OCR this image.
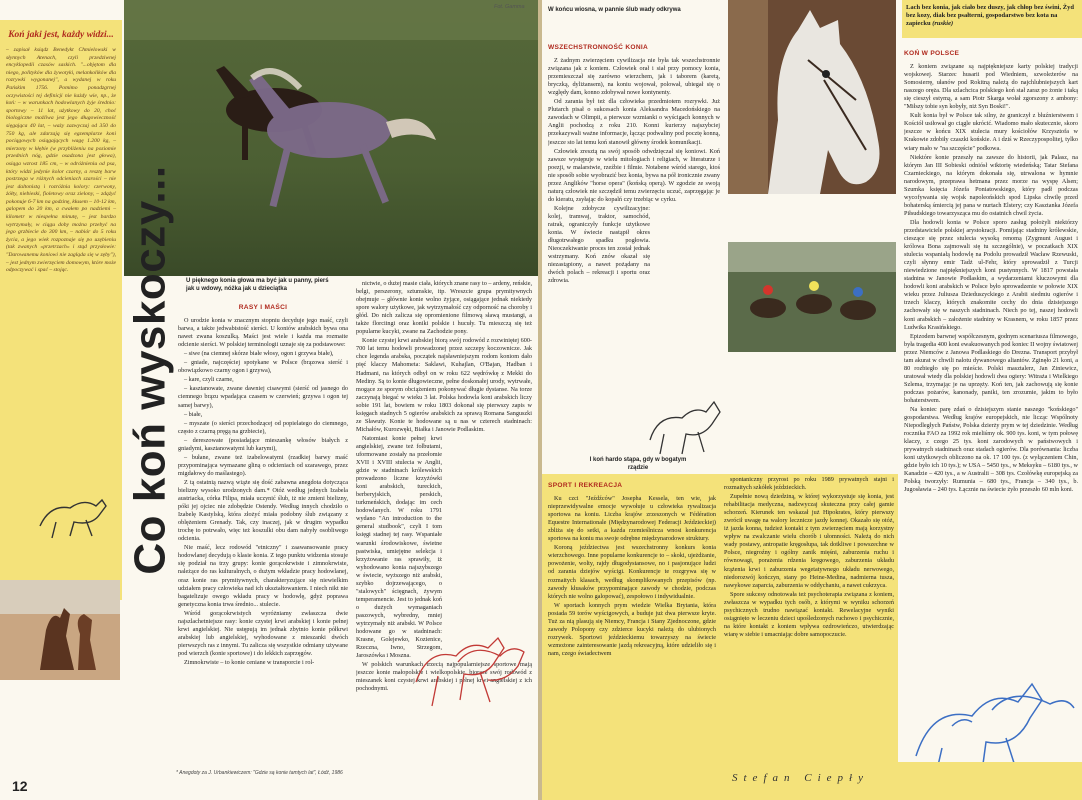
Fot. Gamma
Koń jaki jest, każdy widzi...

– zapisał ksiądz Benedykt Chmielowski w słynnych Atenach, czyli przedziwnej encyklopedii czasów saskich. "...objętom dla niego, polityków dla żywotyki, melankolików dla rozrywki wygonanej", a wydanej w roku Pańskim 1756. Pomimo ponadzgrnej oczywistości tej definicji nie każdy wie, np., że koń: – w warunkach hodowlanych żyje średnio: sportowy – 11 lat, użytkowy do 20, choć biologiczne możliwa jest jego długowieczność sięgająca 40 lat, – waży zazwyczaj od 350 do 750 kg, ale zdarzają się egzemplarze koni pociągowych osiągających wagę 1.200 kg, – mierzony w kłębie (w przybliżeniu na poziomie przednich nóg, gdzie osadzona jest głowa), osiąga wzrost 185 cm, – w odróżnieniu od psa, który widzi jedynie kolor czarny, a resztę barw postrzega w różnych odcieniach szarości – nie jest daltonistą i rozróżnia kolory: czerwony, żółty, niebieski, fioletowy oraz zielony, – zdążyć pokonuje 6-7 km na godzinę, kłusem – 10-12 km, galopem do 20 km, a cwałem po nadziemi – kilometr w niespełna minutę, – jest bardzo wytrzymały, w ciągu doby można przebyć na jego grzbiecie do 300 km, – nabiór do 5 roku życia, a jego wiek rozpoznaje się po uzębieniu (tak zwanych «przetrzach» i stąd przysłowie: "Darowanemu koniowi nie zagląda się w zęby"), – jest jednym zwierzęciem domowym, które może odpoczywać i spać – stojąc.	Co koń wyskoczy... U pięknego konia głowa ma być jak u panny, pierś jak u wdowy, nóżka jak u dzieciątka
RASY I MAŚCI

O urodzie konia w znacznym stopniu decyduje jego maść, czyli barwa, a także jedwabistość sierści. U koniów arabskich bywa ona nawet zwana koszulką. Maści jest wiele i każda ma rozmaite odcienie sierści. W polskiej terminologii uznaje się za podstawowe:

– siwe (na ciemnej skórze białe włosy, ogon i grzywa białe),

– gniade, najczęściej spotykane w Polsce (brązowa sierść i obowiązkowo czarny ogon i grzywa),

– kare, czyli czarne,

– kasztanowate, zwane dawniej cisawymi (sierść od jasnego do ciemnego brązu wpadająca czasem w czerwień; grzywa i ogon tej samej barwy),

– białe,

– myszate (o sierści przechodzącej od popielatego do ciemnego, często z czarną pręgą na grzbiecie),

– dereszowate (posiadające mieszankę włosów białych z gniadymi, kasztanowatymi lub karymi),

– bułane, zwane też izabelowatymi (rzadkiej barwy maść przypominająca wymazane gliną o odcieniach od szarawego, przez migdałowy do maślastego).

Z tą ostatnią nazwą wiąże się dość zabawna anegdota dotycząca bielizny wysoko urodzonych dam.* Otóż według jednych Izabela austriacka, córka Filipa, miała uczynić ślub, iż nie zmieni bielizny, póki jej ojciec nie zdobędzie Ostendy. Według innych chodziło o Izabelę Kastylską, która złożyć miała podobny ślub związany z oblężeniem Grenady. Tak, czy inaczej, jak w drugim wypadku trochę to potrwało, więc też koszulki obu dam nabyły osobliwego odcienia.

Nie maść, lecz rodowód "etniczny" i zaawansowanie pracy hodowlanej decydują o klasie konia. Z tego punktu widzenia stosuje się podział na trzy grupy: konie gorącokrwiste i zimnokrwiste, należące do ras kulturalnych, o dużym wkładzie pracy hodowlanej, oraz konie ras prymitywnych, charakteryzujące się niewielkim udziałem pracy człowieka nad ich ukształtowaniem. I niech nikt nie bagatelizuje owego wkładu pracy w hodowlę, gdyż poprawa genetyczna konia trwa średnio... stulecie.

Wśród gorącokrwistych wyróżniamy zwłaszcza dwie najszlachetniejsze rasy: konie czystej krwi arabskiej i konie pełnej krwi angielskiej. Nie ustępują im jednak zbytnio konie półkrwi arabskiej lub angielskiej, wyhodowane z mieszanki dwóch pierwszych ras z innymi. Tu zalicza się wszystkie odmiany używane pod wierzch (konie sportowe) i do lekkich zaprzęgów.

Zimnokrwiste – to konie ceniane w transporcie i rol-

nictwie, o dużej masie ciała, których znane rasy to – ardeny, reńskie, belgi, perszerony, sztumskie, itp. Wreszcie grupa prymitywnych obejmuje – głównie konie wolno żyjące, osiągające jednak niekiedy spore walory użytkowe, jak wytrzymałość czy odporność na choroby i głód. Do nich zalicza się opromienione filmową sławą mustangi, a także florciingi oraz koniki polskie i hucuły. Tu mieszczą się też popularne kucyki, zwane na Zachodzie pony.

Konie czystej krwi arabskiej biorą swój rodowód z rozwiniętej 600-700 lat temu hodowli prowadzonej przez szczepy koczownicze. Jak chce legenda arabska, początek najsławniejszym rodom koniom dało pięć klaczy Mahometa: Saklawi, Kuhajlan, O'Bajan, Hadban i Hadmani, na których odbył on w roku 622 wędrówkę z Mekki do Mediny. Są to konie długowieczne, pełne doskonałej urody, wytrwałe, mogące ze sporym obciążeniem pokonywać długie dystanse. Na torze zaczynają biegać w wieku 3 lat. Polska hodowla koni arabskich liczy sobie 191 lat, bowiem w roku 1803 dokonał się pierwszy zapis w księgach stadnych 5 ogierów arabskich za sprawą Romana Sanguszki ze Sławuty. Konie te hodowane są u nas w czterech stadninach: Michałów, Kurozwęki, Białka i Janowie Podlaskim.

Natomiast konie pełnej krwi angielskiej, zwane też folbutami, uformowane zostały na przełomie XVII i XVIII stulecia w Anglii, gdzie w stadninach królewskich prowadzono liczne krzyżówki koni arabskich, tureckich, berberyjskich, perskich, turkmeńskich, dodając im cech hodowlanych. W roku 1791 wydano "An introduction to the general studbook", czyli I tom księgi stadnej tej rasy. Wspaniałe warunki środowiskowe, świetne pastwiska, umiejętne selekcja i krzyżowanie ras sprawiły, iż wyhodowano konia najszybszego w świecie, wyższego niż arabski, szybko dojrzewającego, o "stalowych" ścięgnach, żywym temperamencie. Jest to jednak koń o dużych wymaganiach paszowych, wybredny, mniej wytrzymały niż arabski. W Polsce hodowane go w stadninach: Krasne, Golejewko, Kozienice, Rzeczna, Iwno, Strzegom, Jaroszówka i Moszna.

W polskich warunkach trzecią najpopularniejsze sportowe mają jeszcze konie małopolskie i wielkopolskie, biorące swój rodowód z mieszanek koni czystej krwi arabskiej i pełnej krwi angielskiej z ich pochodnymi.

12
* Anegdoty za J. Urbankiewiczem: "Gdzie są konie tamtych lat", Łódź, 1986
W końcu wiosna, w pannie ślub wady odkrywa	Lach bez konia, jak ciało bez duszy, jak chłop bez świni, Żyd bez kozy, diak bez psałterni, gospodarstwo bez kota na zapiecku (ruskie)
WSZECHSTRONNOŚĆ KONIA

Z żadnym zwierzęciem cywilizacja nie była tak wszechstronnie związana jak z koniem. Człowiek orał i siał przy pomocy konia, przemieszczał się zarówno wierzchem, jak i taborem (karetą, bryczką, dyliżansem), na koniu wojował, polował, ubiegał się o względy dam, konno zdobywał nowe kontynenty.

Od zarania był też dla człowieka przedmiotem rozrywki. Już Plutarch pisał o sukcesach konia Aleksandra Macedońskiego na zawodach w Olimpii, a pierwsze wzmianki o wyścigach konnych w Anglii pochodzą z roku 210. Konni kurierzy najszybciej przekazywali ważne informacje, łącząc podwaliny pod pocztę konną, jeszcze sto lat temu koń stanowił główny środek komunikacji.

Człowiek zresztą na swój sposób odwdzięczał się koniowi. Koń zawsze występuje w wielu mitologiach i religiach, w literaturze i poezji, w malarstwie, rzeźbie i filmie. Notabene wśród starego, ktoś nie sposób sobie wyobrazić bez konia, bywa na pół ironicznie zwany przez Anglików "horse opera" (końską operą). W zgodzie ze swoją naturą człowiek nie szczędził temu zwierzęciu uczuć, zaprzęgając je do kieratu, zsyłając do kopalń czy trzebiąc w cyrku.

Kolejne zdobycze cywilizacyjne: kolej, tramwaj, traktor, samochód, ratrak, ograniczyły funkcje użytkowe konia. W świecie nastąpił okres długotrwałego spadku pogłowia. Nieoczekiwanie proces ten został jednak wstrzymany. Koń znów okazał się niezastąpiony, a nawet pożądany na dwóch polach – rekreacji i sportu oraz zdrowia.

I koń hardo stąpa, gdy w bogatym rządzie
SPORT I REKREACJA

Ku czci "Jeźdźców" Josepha Kessela, ten wie, jak nieprzewidywalne emocje wywołuje u człowieka rywalizacja sportowa na koniu. Liczba krajów zrzeszonych w Fédération Equestre Internationale (Międzynarodowej Federacji Jeździeckiej) zbliża się do setki, a każda rzemieślnicza wnosi konkurencja sportowa na koniu ma swoje odrębne międzynarodowe struktury.

Koroną jeździectwa jest wszechstronny konkurs konia wierzchowego. Inne popularne konkurencje to – skoki, ujeżdżanie, powożenie, wolty, rajdy długodystansowe, no i pasjonujące ludzi od zarania dziejów wyścigi. Konkurencje te rozgrywa się w rozmaitych klasach, według skomplikowanych przepisów (np. zawody kłusaków przypominające zawody w chodzie, podczas których nie wolno galopować), zespołowo i indywidualnie.

W sportach konnych prym wiedzie Wielka Brytania, która posiada 59 torów wyścigowych, a buduje już dwa pierwsze kryte. Tuż za nią plasują się Niemcy, Francja i Stany Zjednoczone, gdzie zawody Polopony czy zdzierce kucyki należą do ulubionych rozrywek. Sportowi jeździeckiemu towarzyszy na świecie wzmożone zainteresowanie jazdą rekreacyjną, które udzieliło się i nam, czego świadectwem

spontaniczny przyrost po roku 1989 prywatnych stajni i rozmaitych szkółek jeździeckich.

Zupełnie nową dziedziną, w której wykorzystuje się konia, jest rehabilitacja medyczna, nadzwyczaj skuteczna przy całej gamie schorzeń. Kierunek ten wskazał już Hipokrates, który pierwszy zwrócił uwagę na walory lecznicze jazdy konnej. Okazało się otóż, iż jazda konna, tudzież kontakt z tym zwierzęciem mają korzystny wpływ na zwalczanie wielu chorób i ułomności. Należą do nich wady postawy, antropatie kręgosłupa, tak dotkliwe i powszechne w Polsce, niegroźny i ogólny zanik mięśni, zaburzenia ruchu i równowagi, porażenia rdzenia kręgowego, zaburzenia układu krążenia krwi i zaburzenia wegetatywnego układu nerwowego, niedorozwój kończyn, stany po Heine-Medina, nadmierna tusza, nawykowe zaparcia, zaburzenia w oddychaniu, a nawet cukrzyca.

Spore sukcesy odnotowała też psychoterapia związana z koniem, zwłaszcza w wypadku tych osób, z którymi w wyniku schorzeń psychicznych trudno nawiązać kontakt. Rewelacyjne wyniki osiągnięto w leczeniu dzieci upośledzonych ruchowo i psychicznie, na które kontakt z koniem wpływa ozdrowieńczo, utwierdzając wiarę w siebie i umacniając dobre samopoczucie.

KOŃ W POLSCE

Z koniem związane są najpiękniejsze karty polskiej tradycji wojskowej. Starzec husarii pod Wiedniem, szwoleżerów na Somosierrę, ułanów pod Rokitną należą do najchlubniejszych kart naszego oręża. Dla szlachcica polskiego koń stał zaraz po żonie i taką się cieszył estymą, a sam Piotr Skarga wołał zgorszony z ambony: "Miłszy tobie syn kobyły, niż Syn Boski!".

Kult konia był w Polsce tak silny, że graniczył z bluźnierstwem i Kościół usiłował go ciągle ukrócić. Wiadomo mało skutecznie, skoro jeszcze w końcu XIX stulecia mury kościołów Krzysztofa w Krakowie zdobiły czaszki końskie. A i dziś w Rzeczypospolitej, tylko wiary mało w "na szczęście" podkowa.

Niektóre konie przeszły na zawsze do historii, jak Palasz, na którym Jan III Sobieski odniósł wiktorię wiedeńską; Tatar Stefana Czarnieckiego, na którym dokonała się, utrwalona w hymnie narodowym, przeprawa hetmana przez morze na wyspę Alsen; Szumka księcia Józefa Poniatowskiego, który padł podczas wycofywania się wojsk napoleońskich spod Lipska chwilę przed bohaterską śmiercią jej pana w nurtach Elstery; czy Kasztanka Józefa Piłsudskiego towarzysząca mu do ostatnich chwil życia.

Dla hodowli konia w Polsce sporo zasług położyli niektórzy przedstawiciele polskiej arystokracji. Pomijając stadniny królewskie, cieszące się przez stulecia wysoką renomą (Zygmunt August i królowa Bona zajmowali się tu szczególnie), w poczatkach XIX stulecia wspaniałą hodowlę na Podolu prowadził Wacław Rzewuski, czyli słynny emir Tadż ul-Fehr, który sprowadził z Turcji niewiedzione najpiękniejszych koni pustynnych. W 1817 powstała stadnina w Janowie Podlaskim, a wydarzeniami kluczowymi dla hodowli koni arabskich w Polsce było sprowadzenie w połowie XIX wieku przez Juliusza Dzieduszyckiego z Arabii siedmiu ogierów i trzech klaczy, których znakomite cechy do dnia dzisiejszego zachowały się w naszych stadninach. Niech po tej, naszej hodowli koni arabskich – założenie stadniny w Krasnem, w roku 1857 przez Ludwika Krasińskiego.

Epizodem barwnej współczesnym, godnym scenariusza filmowego, była tragedia 400 koni ewakuowanych pod koniec II wojny światowej przez Niemców z Janowa Podlaskiego do Drezna. Transport przybył tam akurat w chwili nalotu dywanowego aliantów. Zginęło 21 koni, a 80 rozbiegło się po mieście. Polski masztalerz, Jan Ziniewicz, uratował wtedy dla polskiej hodowli dwa ogiery: Witraża i Wielkiego Szlema, trzymając je na uprzęży. Koń ten, jak zachowują się konie podczas pożarów, kanonady, paniki, ten zrozumie, jakim to było bohaterstwem.

Na koniec parę zdań o dzisiejszym stanie naszego "końskiego" gospodarstwa. Według krajów europejskich, nie licząc Wspólnoty Niepodległych Państw, Polska dzierży prym w tej dziedzinie. Według rocznika FAO za 1992 rok mieliśmy ok. 900 tys. koni, w tym połowę klaczy, z czego 25 tys. koni zarodowych w państwowych i prywatnych stadninach oraz stadach ogierów. Dla porównania: liczba koni użytkowych obliczono na ok. 17 100 tys. (z wyłączeniem Chin, gdzie było ich 10 tys.); w USA – 5450 tys., w Meksyku – 6180 tys., w Kanadzie – 420 tys., a w Australii – 308 tys. Czołówkę europejską za Polską tworzyły: Rumunia – 680 tys., Francja – 340 tys., b. Jugosławia – 240 tys. Łącznie na świecie żyło przeszło 60 mln koni.

Stefan Ciepły
